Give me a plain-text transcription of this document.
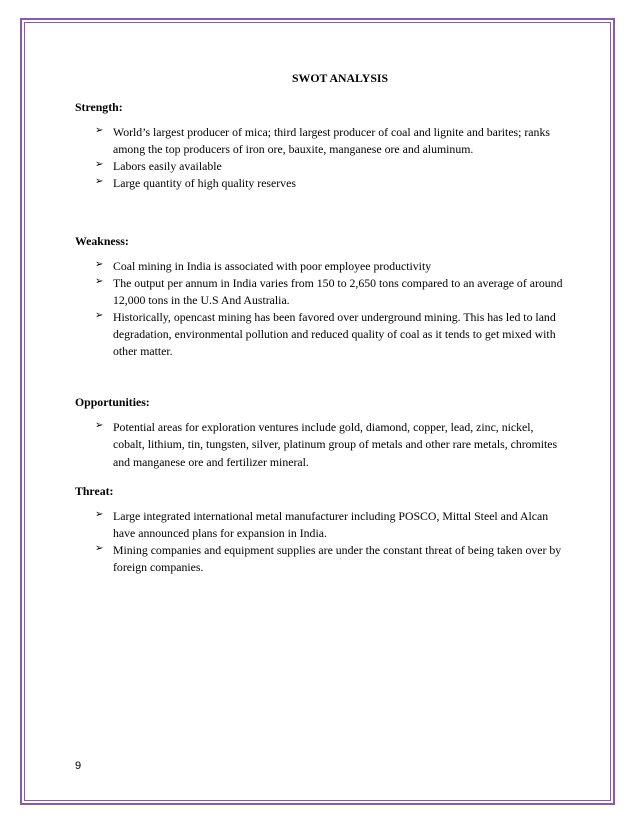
SWOT ANALYSIS
Strength:
➢ World’s largest producer of mica; third largest producer of coal and lignite and barites; ranks among the top producers of iron ore, bauxite, manganese ore and aluminum.
➢ Labors easily available
➢ Large quantity of high quality reserves
Weakness:
➢ Coal mining in India is associated with poor employee productivity
➢ The output per annum in India varies from 150 to 2,650 tons compared to an average of around 12,000 tons in the U.S And Australia.
➢ Historically, opencast mining has been favored over underground mining. This has led to land degradation, environmental pollution and reduced quality of coal as it tends to get mixed with other matter.
Opportunities:
➢ Potential areas for exploration ventures include gold, diamond, copper, lead, zinc, nickel, cobalt, lithium, tin, tungsten, silver, platinum group of metals and other rare metals, chromites and manganese ore and fertilizer mineral.
Threat:
➢ Large integrated international metal manufacturer including POSCO, Mittal Steel and Alcan have announced plans for expansion in India.
➢ Mining companies and equipment supplies are under the constant threat of being taken over by foreign companies.
9
